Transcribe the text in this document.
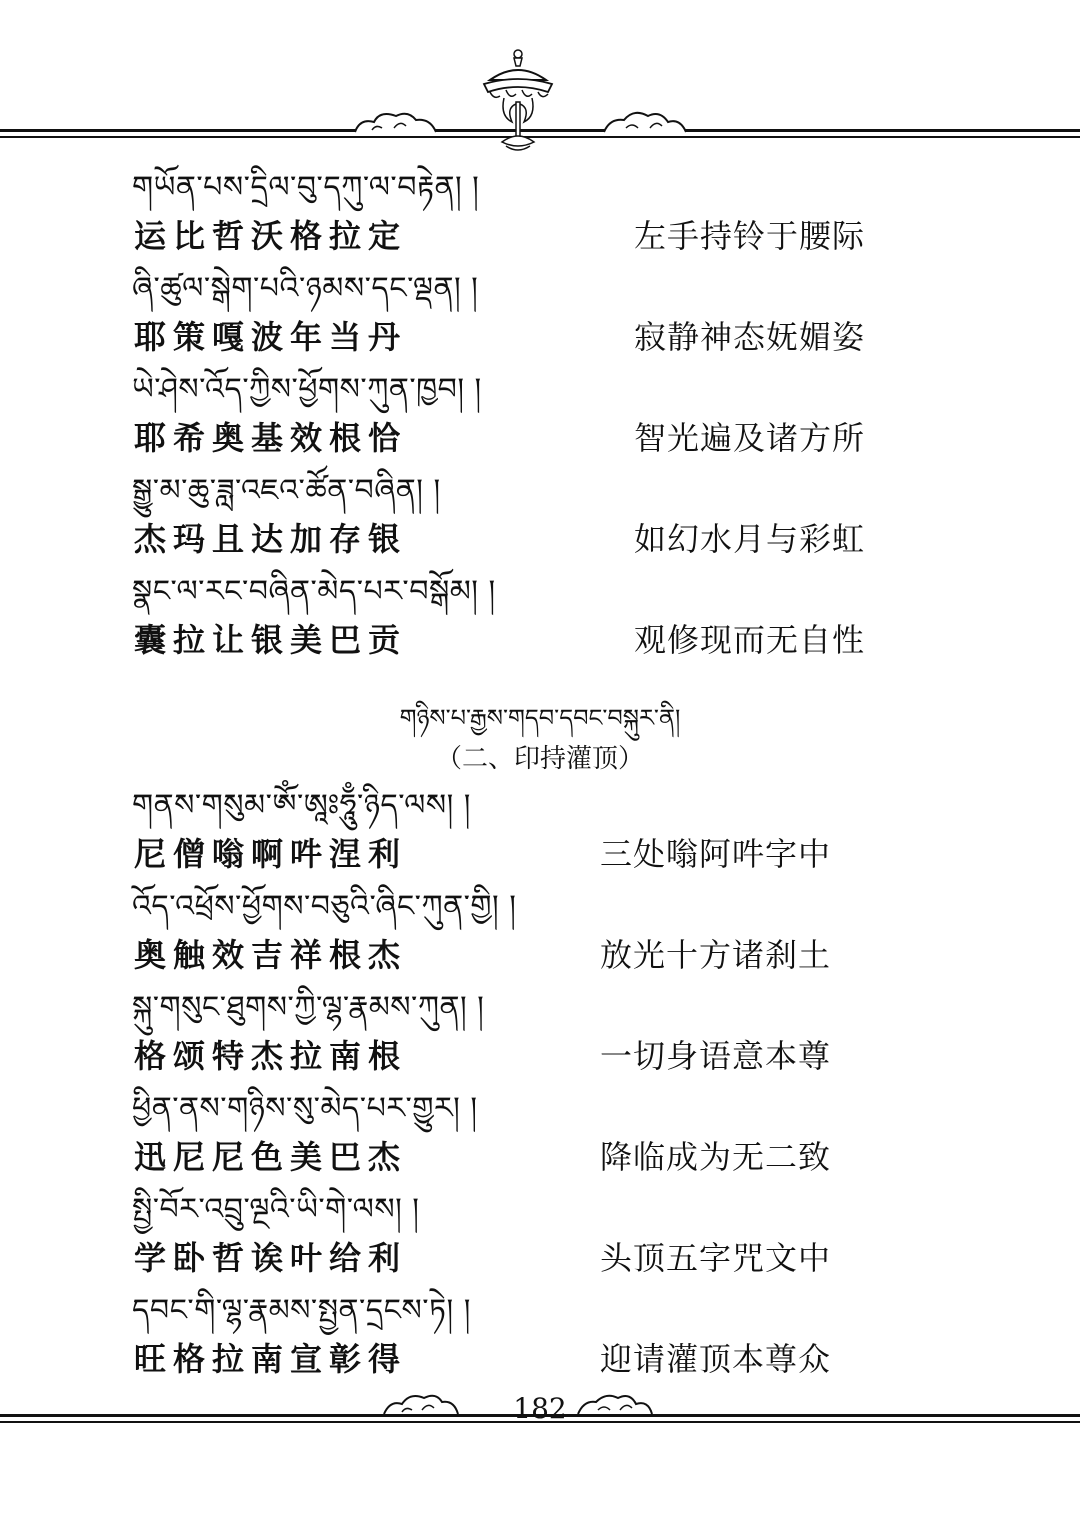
གཡོན་པས་དྲིལ་བུ་དཀུ་ལ་བརྟེན། །
运比哲沃格拉定	左手持铃于腰际
ཞི་ཚུལ་སྒེག་པའི་ཉམས་དང་ལྡན། །
耶策嘎波年当丹	寂静神态妩媚姿
ཡེ་ཤེས་འོད་ཀྱིས་ཕྱོགས་ཀུན་ཁྱབ། །
耶希奥基效根恰	智光遍及诸方所
སྒྱུ་མ་ཆུ་ཟླ་འཇའ་ཚོན་བཞིན། །
杰玛且达加存银	如幻水月与彩虹
སྣང་ལ་རང་བཞིན་མེད་པར་བསྒོམ། །
囊拉让银美巴贡	观修现而无自性
གཉིས་པ་རྒྱས་གདབ་དབང་བསྐུར་ནི།
（二、印持灌顶）
གནས་གསུམ་ཨོཾ་ཨཱཿཧཱུྃ་ཉིད་ལས། །
尼僧嗡啊吽涅利	三处嗡阿吽字中
འོད་འཕྲོས་ཕྱོགས་བཅུའི་ཞིང་ཀུན་གྱི། །
奥触效吉祥根杰	放光十方诸刹土
སྐུ་གསུང་ཐུགས་ཀྱི་ལྷ་རྣམས་ཀུན། །
格颂特杰拉南根	一切身语意本尊
ཕྱིན་ནས་གཉིས་སུ་མེད་པར་གྱུར། །
迅尼尼色美巴杰	降临成为无二致
སྤྱི་བོར་འབྲུ་ལྔའི་ཡི་གེ་ལས། །
学卧哲诶叶给利	头顶五字咒文中
དབང་གི་ལྷ་རྣམས་སྤྱན་དྲངས་ཏེ། །
旺格拉南宣彰得	迎请灌顶本尊众
182
